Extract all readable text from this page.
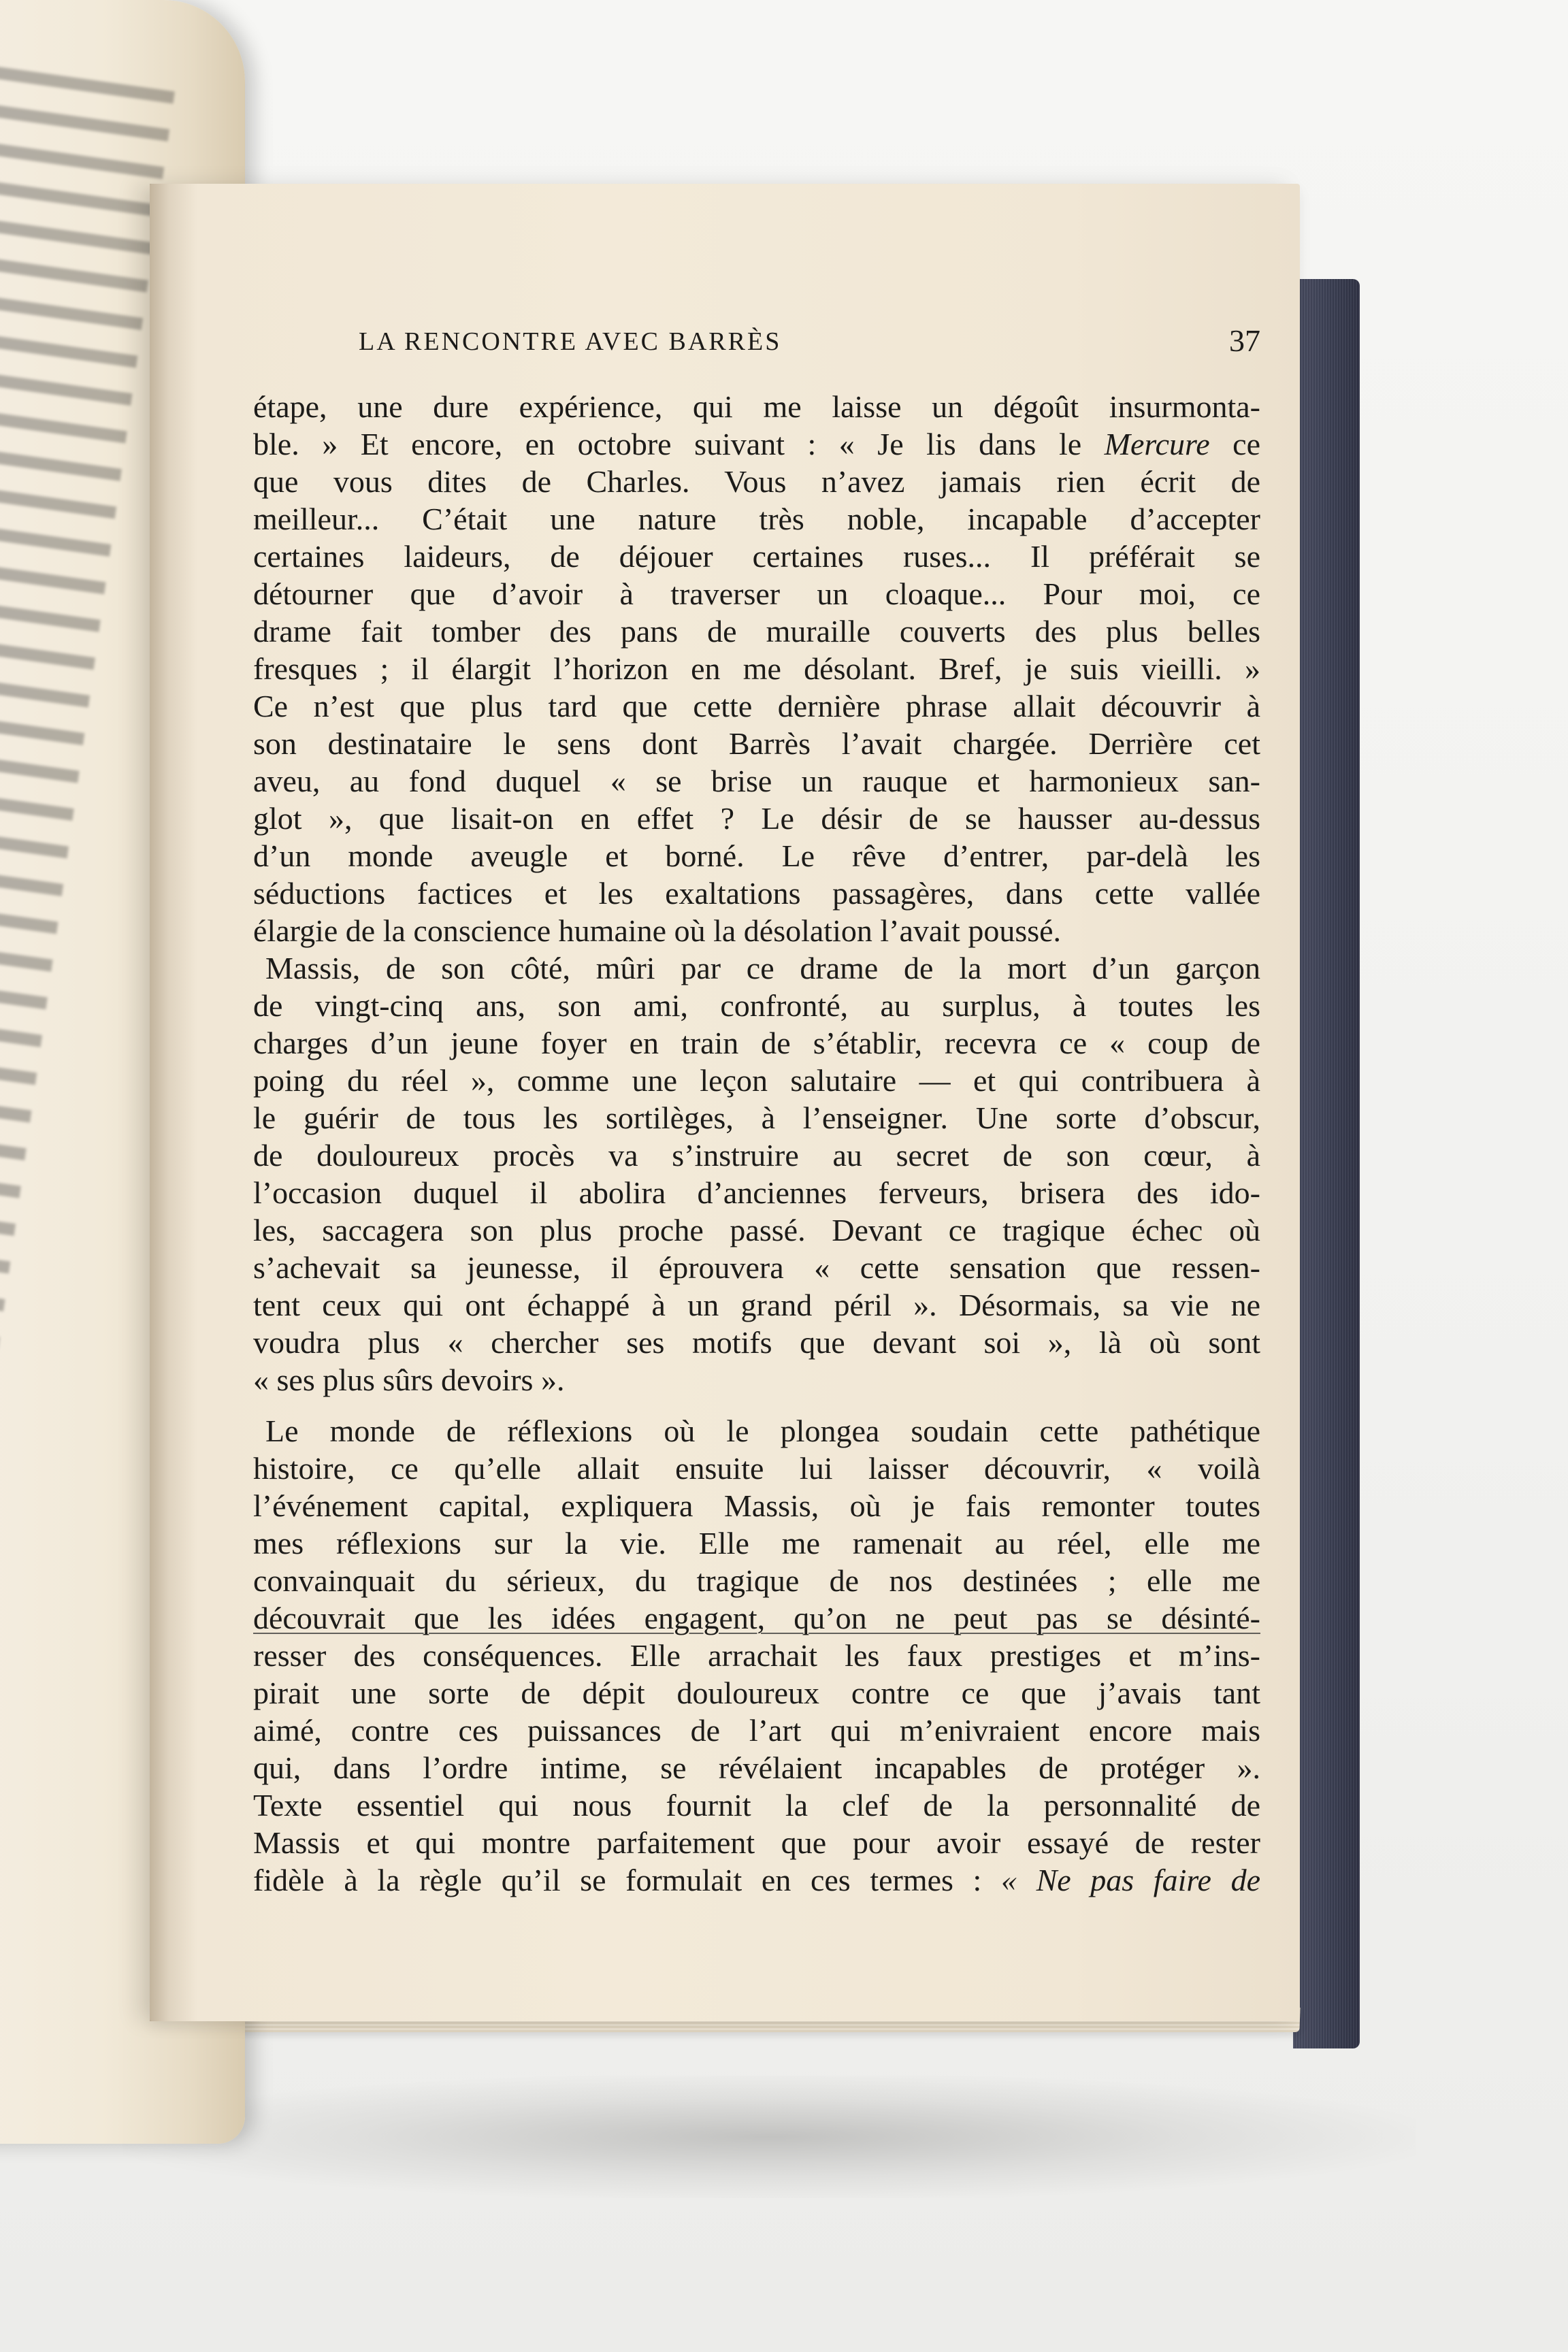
LA RENCONTRE AVEC BARRÈS	37
étape, une dure expérience, qui me laisse un dégoût insurmonta-
ble. » Et encore, en octobre suivant : « Je lis dans le Mercure ce
que vous dites de Charles. Vous n’avez jamais rien écrit de
meilleur... C’était une nature très noble, incapable d’accepter
certaines laideurs, de déjouer certaines ruses... Il préférait se
détourner que d’avoir à traverser un cloaque... Pour moi, ce
drame fait tomber des pans de muraille couverts des plus belles
fresques ; il élargit l’horizon en me désolant. Bref, je suis vieilli. »
Ce n’est que plus tard que cette dernière phrase allait découvrir à
son destinataire le sens dont Barrès l’avait chargée. Derrière cet
aveu, au fond duquel « se brise un rauque et harmonieux san-
glot », que lisait-on en effet ? Le désir de se hausser au-dessus
d’un monde aveugle et borné. Le rêve d’entrer, par-delà les
séductions factices et les exaltations passagères, dans cette vallée
élargie de la conscience humaine où la désolation l’avait poussé.
Massis, de son côté, mûri par ce drame de la mort d’un garçon
de vingt-cinq ans, son ami, confronté, au surplus, à toutes les
charges d’un jeune foyer en train de s’établir, recevra ce « coup de
poing du réel », comme une leçon salutaire — et qui contribuera à
le guérir de tous les sortilèges, à l’enseigner. Une sorte d’obscur,
de douloureux procès va s’instruire au secret de son cœur, à
l’occasion duquel il abolira d’anciennes ferveurs, brisera des ido-
les, saccagera son plus proche passé. Devant ce tragique échec où
s’achevait sa jeunesse, il éprouvera « cette sensation que ressen-
tent ceux qui ont échappé à un grand péril ». Désormais, sa vie ne
voudra plus « chercher ses motifs que devant soi », là où sont
« ses plus sûrs devoirs ».
Le monde de réflexions où le plongea soudain cette pathétique
histoire, ce qu’elle allait ensuite lui laisser découvrir, « voilà
l’événement capital, expliquera Massis, où je fais remonter toutes
mes réflexions sur la vie. Elle me ramenait au réel, elle me
convainquait du sérieux, du tragique de nos destinées ; elle me
découvrait que les idées engagent, qu’on ne peut pas se désinté-
resser des conséquences. Elle arrachait les faux prestiges et m’ins-
pirait une sorte de dépit douloureux contre ce que j’avais tant
aimé, contre ces puissances de l’art qui m’enivraient encore mais
qui, dans l’ordre intime, se révélaient incapables de protéger ».
Texte essentiel qui nous fournit la clef de la personnalité de
Massis et qui montre parfaitement que pour avoir essayé de rester
fidèle à la règle qu’il se formulait en ces termes : « Ne pas faire de
